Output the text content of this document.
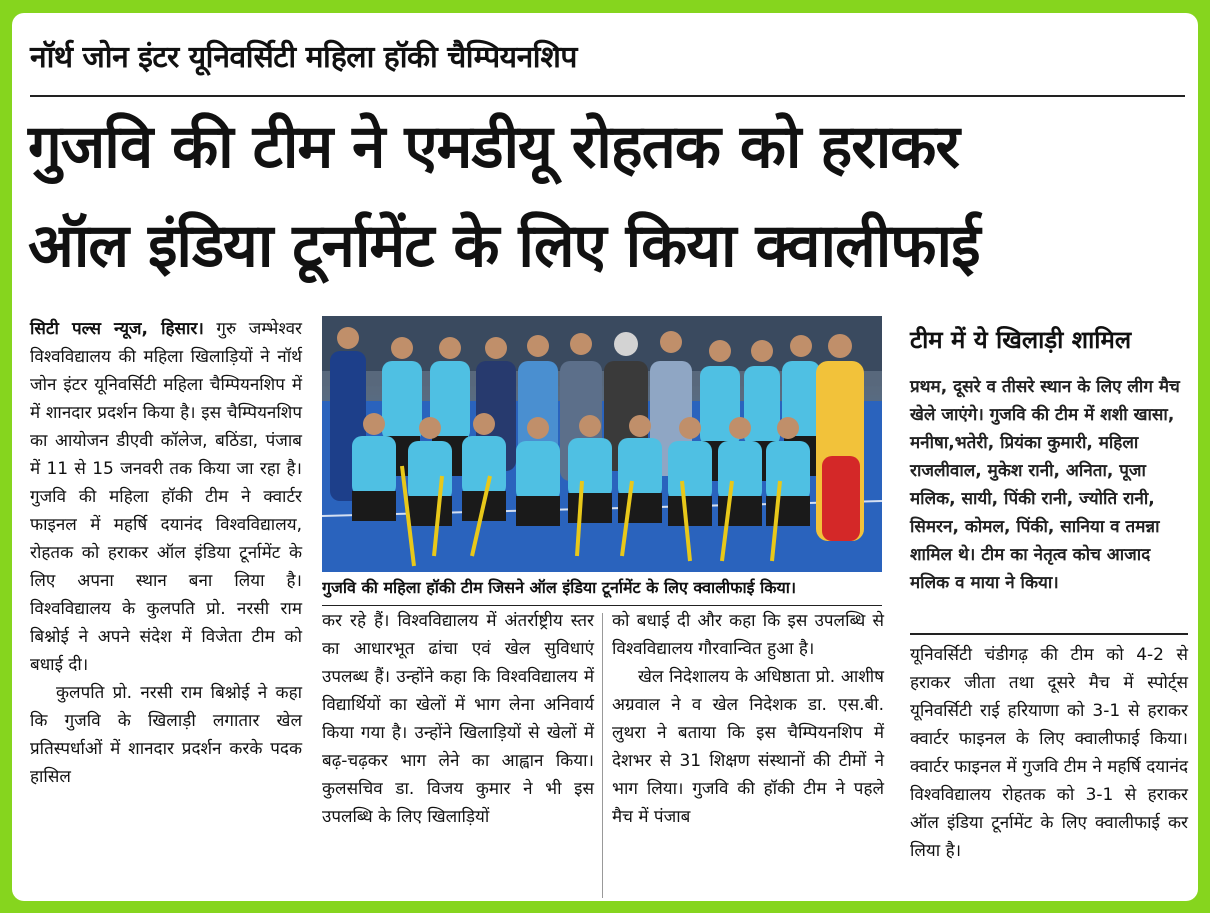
नॉर्थ जोन इंटर यूनिवर्सिटी महिला हॉकी चैम्पियनशिप
गुजवि की टीम ने एमडीयू रोहतक को हराकर
ऑल इंडिया टूर्नामेंट के लिए किया क्वालीफाई

सिटी पल्स न्यूज, हिसार। गुरु जम्भेश्वर विश्वविद्यालय की महिला खिलाड़ियों ने नॉर्थ जोन इंटर यूनिवर्सिटी महिला चैम्पियनशिप में में शानदार प्रदर्शन किया है। इस चैम्पियनशिप का आयोजन डीएवी कॉलेज, बठिंडा, पंजाब में 11 से 15 जनवरी तक किया जा रहा है। गुजवि की महिला हॉकी टीम ने क्वार्टर फाइनल में महर्षि दयानंद विश्वविद्यालय, रोहतक को हराकर ऑल इंडिया टूर्नामेंट के लिए अपना स्थान बना लिया है। विश्वविद्यालय के कुलपति प्रो. नरसी राम बिश्नोई ने अपने संदेश में विजेता टीम को बधाई दी।

कुलपति प्रो. नरसी राम बिश्नोई ने कहा कि गुजवि के खिलाड़ी लगातार खेल प्रतिस्पर्धाओं में शानदार प्रदर्शन करके पदक हासिल

गुजवि की महिला हॉकी टीम जिसने ऑल इंडिया टूर्नामेंट के लिए क्वालीफाई किया।

कर रहे हैं। विश्वविद्यालय में अंतर्राष्ट्रीय स्तर का आधारभूत ढांचा एवं खेल सुविधाएं उपलब्ध हैं। उन्होंने कहा कि विश्वविद्यालय में विद्यार्थियों का खेलों में भाग लेना अनिवार्य किया गया है। उन्होंने खिलाड़ियों से खेलों में बढ़-चढ़कर भाग लेने का आह्वान किया। कुलसचिव डा. विजय कुमार ने भी इस उपलब्धि के लिए खिलाड़ियों

को बधाई दी और कहा कि इस उपलब्धि से विश्वविद्यालय गौरवान्वित हुआ है।

खेल निदेशालय के अधिष्ठाता प्रो. आशीष अग्रवाल ने व खेल निदेशक डा. एस.बी. लुथरा ने बताया कि इस चैम्पियनशिप में देशभर से 31 शिक्षण संस्थानों की टीमों ने भाग लिया। गुजवि की हॉकी टीम ने पहले मैच में पंजाब

टीम में ये खिलाड़ी शामिल
प्रथम, दूसरे व तीसरे स्थान के लिए लीग मैच खेले जाएंगे। गुजवि की टीम में शशी खासा, मनीषा,भतेरी, प्रियंका कुमारी, महिला राजलीवाल, मुकेश रानी, अनिता, पूजा मलिक, सायी, पिंकी रानी, ज्योति रानी, सिमरन, कोमल, पिंकी, सानिया व तमन्ना शामिल थे। टीम का नेतृत्व कोच आजाद मलिक व माया ने किया।

यूनिवर्सिटी चंडीगढ़ की टीम को 4-2 से हराकर जीता तथा दूसरे मैच में स्पोर्ट्स यूनिवर्सिटी राई हरियाणा को 3-1 से हराकर क्वार्टर फाइनल के लिए क्वालीफाई किया। क्वार्टर फाइनल में गुजवि टीम ने महर्षि दयानंद विश्वविद्यालय रोहतक को 3-1 से हराकर ऑल इंडिया टूर्नामेंट के लिए क्वालीफाई कर लिया है।
